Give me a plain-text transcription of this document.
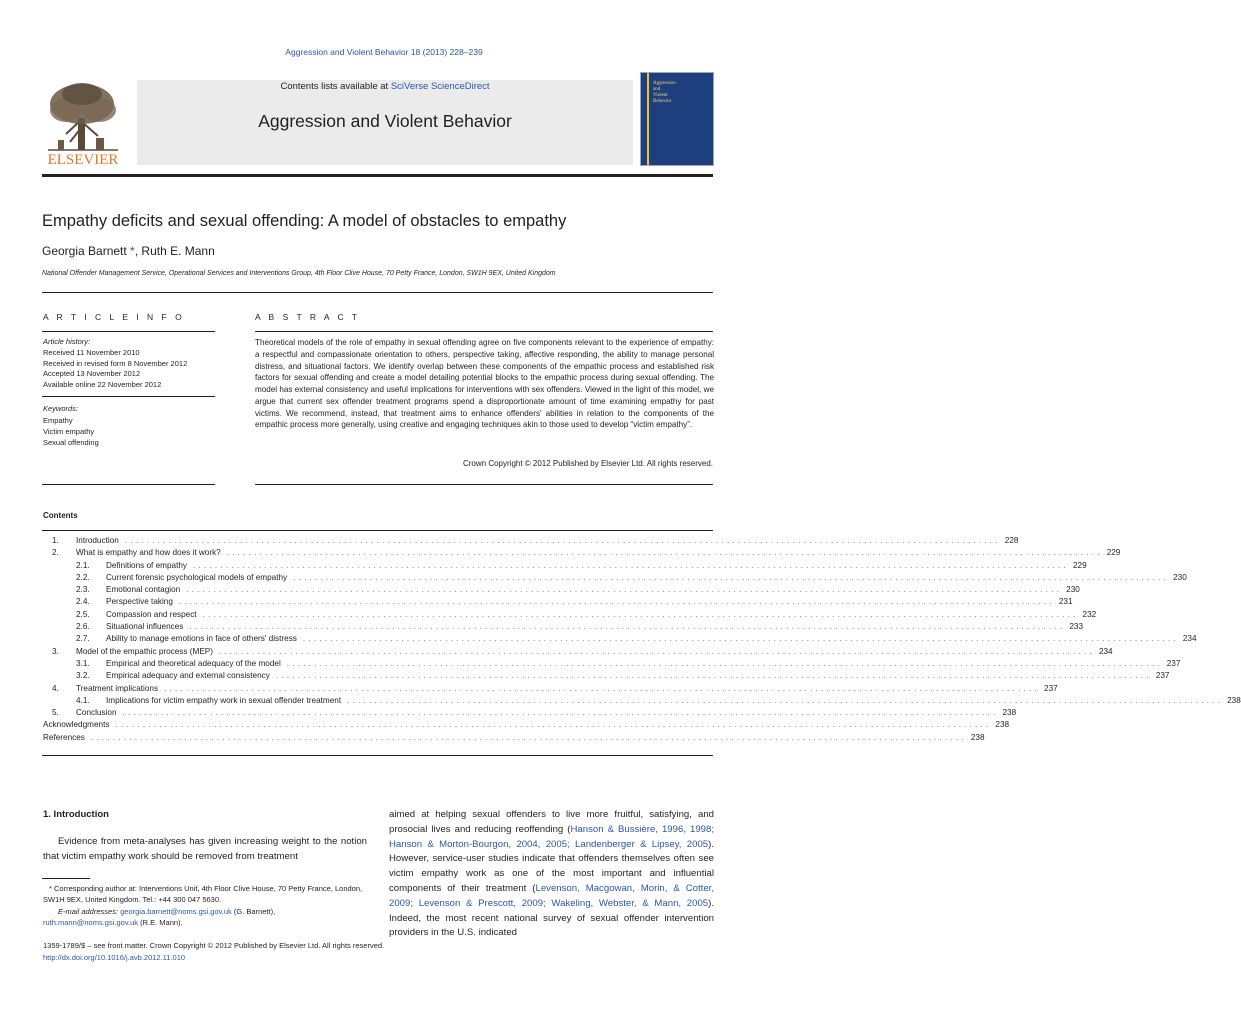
Aggression and Violent Behavior 18 (2013) 228–239
Contents lists available at SciVerse ScienceDirect
Aggression and Violent Behavior
ELSEVIER
Aggression
and
Violent
Behavior
Empathy deficits and sexual offending: A model of obstacles to empathy
Georgia Barnett *, Ruth E. Mann
National Offender Management Service, Operational Services and Interventions Group, 4th Floor Clive House, 70 Petty France, London, SW1H 9EX, United Kingdom
A R T I C L E I N F O
Article history:
Received 11 November 2010
Received in revised form 8 November 2012
Accepted 13 November 2012
Available online 22 November 2012
Keywords:
Empathy
Victim empathy
Sexual offending
A B S T R A C T
Theoretical models of the role of empathy in sexual offending agree on five components relevant to the experience of empathy: a respectful and compassionate orientation to others, perspective taking, affective responding, the ability to manage personal distress, and situational factors. We identify overlap between these components of the empathic process and established risk factors for sexual offending and create a model detailing potential blocks to the empathic process during sexual offending. The model has external consistency and useful implications for interventions with sex offenders. Viewed in the light of this model, we argue that current sex offender treatment programs spend a disproportionate amount of time examining empathy for past victims. We recommend, instead, that treatment aims to enhance offenders' abilities in relation to the components of the empathic process more generally, using creative and engaging techniques akin to those used to develop “victim empathy”.
Crown Copyright © 2012 Published by Elsevier Ltd. All rights reserved.
Contents
1.	Introduction ................................................................................................................................................................ 228
2.	What is empathy and how does it work? ................................................................................................................................................................ 229
2.1.	Definitions of empathy ................................................................................................................................................................ 229
2.2.	Current forensic psychological models of empathy ................................................................................................................................................................ 230
2.3.	Emotional contagion ................................................................................................................................................................ 230
2.4.	Perspective taking ................................................................................................................................................................ 231
2.5.	Compassion and respect ................................................................................................................................................................ 232
2.6.	Situational influences ................................................................................................................................................................ 233
2.7.	Ability to manage emotions in face of others' distress ................................................................................................................................................................ 234
3.	Model of the empathic process (MEP) ................................................................................................................................................................ 234
3.1.	Empirical and theoretical adequacy of the model ................................................................................................................................................................ 237
3.2.	Empirical adequacy and external consistency ................................................................................................................................................................ 237
4.	Treatment implications ................................................................................................................................................................ 237
4.1.	Implications for victim empathy work in sexual offender treatment ................................................................................................................................................................ 238
5.	Conclusion ................................................................................................................................................................ 238
Acknowledgments ................................................................................................................................................................ 238
References ................................................................................................................................................................ 238
1. Introduction
Evidence from meta-analyses has given increasing weight to the notion that victim empathy work should be removed from treatment
aimed at helping sexual offenders to live more fruitful, satisfying, and prosocial lives and reducing reoffending (Hanson & Bussière, 1996, 1998; Hanson & Morton-Bourgon, 2004, 2005; Landenberger & Lipsey, 2005). However, service-user studies indicate that offenders themselves often see victim empathy work as one of the most important and influential components of their treatment (Levenson, Macgowan, Morin, & Cotter, 2009; Levenson & Prescott, 2009; Wakeling, Webster, & Mann, 2005). Indeed, the most recent national survey of sexual offender intervention providers in the U.S. indicated
* Corresponding author at: Interventions Unit, 4th Floor Clive House, 70 Petty France, London, SW1H 9EX, United Kingdom. Tel.: +44 300 047 5630.
E-mail addresses: georgia.barnett@noms.gsi.gov.uk (G. Barnett), ruth.mann@noms.gsi.gov.uk (R.E. Mann).
1359-1789/$ – see front matter. Crown Copyright © 2012 Published by Elsevier Ltd. All rights reserved.
http://dx.doi.org/10.1016/j.avb.2012.11.010
